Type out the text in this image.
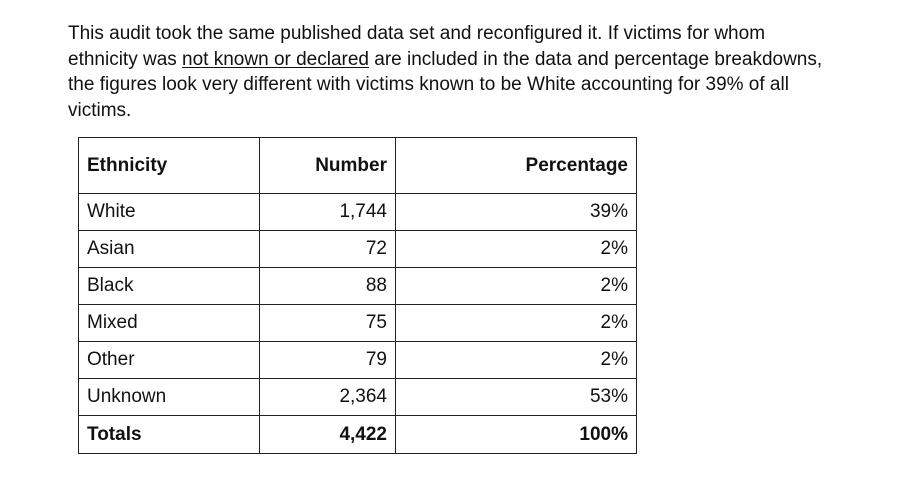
This audit took the same published data set and reconfigured it. If victims for whom ethnicity was not known or declared are included in the data and percentage breakdowns, the figures look very different with victims known to be White accounting for 39% of all victims.

Ethnicity	Number	Percentage
White	1,744	39%
Asian	72	2%
Black	88	2%
Mixed	75	2%
Other	79	2%
Unknown	2,364	53%
Totals	4,422	100%
